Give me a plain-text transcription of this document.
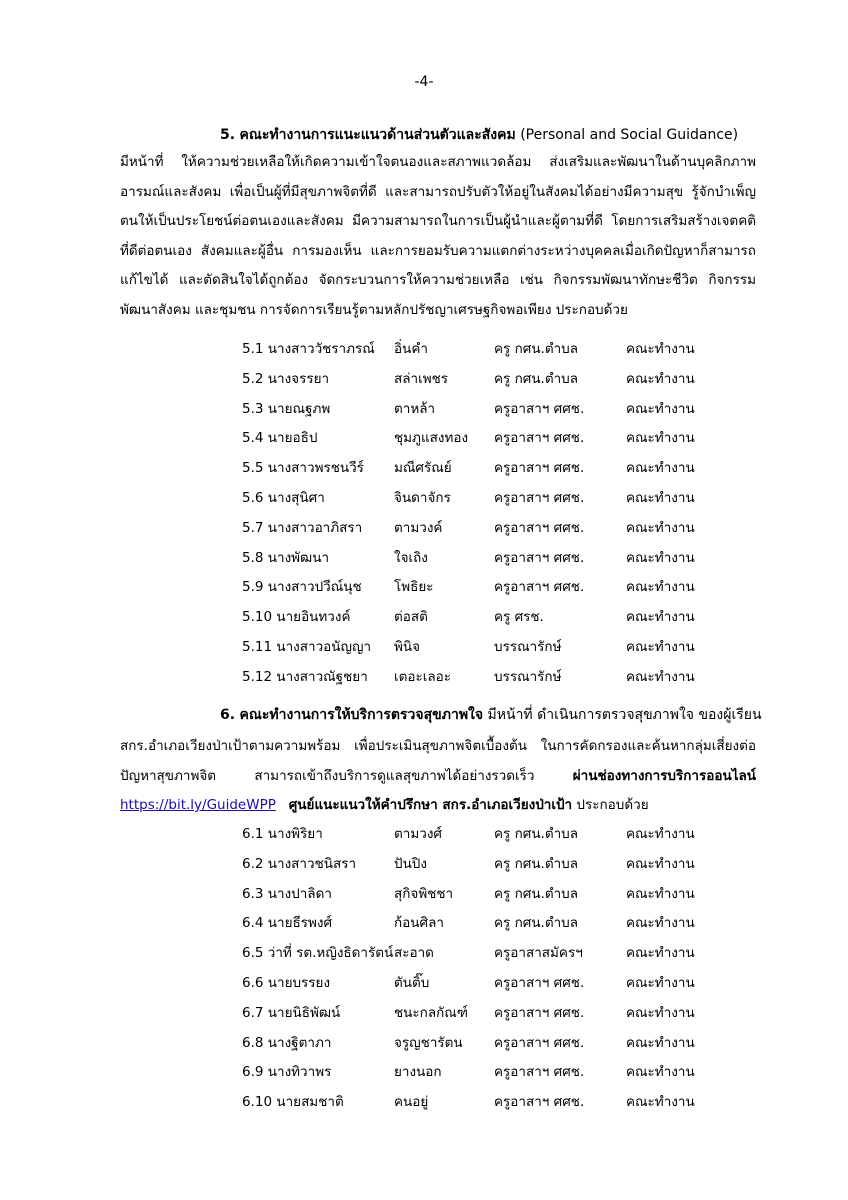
-4-
5. คณะทำงานการแนะแนวด้านส่วนตัวและสังคม (Personal and Social Guidance)
มีหน้าที่ ให้ความช่วยเหลือให้เกิดความเข้าใจตนองและสภาพแวดล้อม ส่งเสริมและพัฒนาในด้านบุคลิกภาพ
อารมณ์และสังคม เพื่อเป็นผู้ที่มีสุขภาพจิตที่ดี และสามารถปรับตัวให้อยู่ในสังคมได้อย่างมีความสุข รู้จักบำเพ็ญ
ตนให้เป็นประโยชน์ต่อตนเองและสังคม มีความสามารถในการเป็นผู้นำและผู้ตามที่ดี โดยการเสริมสร้างเจตคติ
ที่ดีต่อตนเอง สังคมและผู้อื่น การมองเห็น และการยอมรับความแตกต่างระหว่างบุคคลเมื่อเกิดปัญหาก็สามารถ
แก้ไขได้ และตัดสินใจได้ถูกต้อง จัดกระบวนการให้ความช่วยเหลือ เช่น กิจกรรมพัฒนาทักษะชีวิต กิจกรรม
พัฒนาสังคม และชุมชน การจัดการเรียนรู้ตามหลักปรัชญาเศรษฐกิจพอเพียง ประกอบด้วย
5.1 นางสาววัชราภรณ์ อิ่นคำ	ครู กศน.ตำบล	คณะทำงาน
5.2 นางจรรยา	สล่าเพชร	ครู กศน.ตำบล	คณะทำงาน
5.3 นายณฐภพ	ตาหล้า	ครูอาสาฯ ศศช.	คณะทำงาน
5.4 นายอธิป	ชุมภูแสงทอง ครูอาสาฯ ศศช.	คณะทำงาน
5.5 นางสาวพรชนวีร์ มณีศรัณย์	ครูอาสาฯ ศศช.	คณะทำงาน
5.6 นางสุนิศา	จินดาจักร	ครูอาสาฯ ศศช.	คณะทำงาน
5.7 นางสาวอาภิสรา ตามวงค์	ครูอาสาฯ ศศช.	คณะทำงาน
5.8 นางพัฒนา	ใจเถิง	ครูอาสาฯ ศศช.	คณะทำงาน
5.9 นางสาวปวีณ์นุช โพธิยะ	ครูอาสาฯ ศศช.	คณะทำงาน
5.10 นายอินทวงค์	ต่อสติ	ครู ศรช.	คณะทำงาน
5.11 นางสาวอนัญญา พินิจ	บรรณารักษ์	คณะทำงาน
5.12 นางสาวณัฐชยา เตอะเลอะ	บรรณารักษ์	คณะทำงาน
6. คณะทำงานการให้บริการตรวจสุขภาพใจ มีหน้าที่ ดำเนินการตรวจสุขภาพใจ ของผู้เรียน
สกร.อำเภอเวียงป่าเป้าตามความพร้อม เพื่อประเมินสุขภาพจิตเบื้องต้น ในการคัดกรองและค้นหากลุ่มเสี่ยงต่อ
ปัญหาสุขภาพจิต สามารถเข้าถึงบริการดูแลสุขภาพได้อย่างรวดเร็ว	ผ่านช่องทางการบริการออนไลน์
https://bit.ly/GuideWPP ศูนย์แนะแนวให้คำปรึกษา สกร.อำเภอเวียงป่าเป้า ประกอบด้วย
6.1 นางพิริยา	ตามวงศ์	ครู กศน.ตำบล	คณะทำงาน
6.2 นางสาวชนิสรา	ปันปิง	ครู กศน.ตำบล	คณะทำงาน
6.3 นางปาลิดา	สุกิจพิชชา	ครู กศน.ตำบล	คณะทำงาน
6.4 นายธีรพงศ์	ก้อนศิลา	ครู กศน.ตำบล	คณะทำงาน
6.5 ว่าที่ รต.หญิงธิดารัตน์ สะอาด	ครูอาสาสมัครฯ	คณะทำงาน
6.6 นายบรรยง	ตันติ๊บ	ครูอาสาฯ ศศช.	คณะทำงาน
6.7 นายนิธิพัฒน์	ชนะกลกัณฑ์ ครูอาสาฯ ศศช.	คณะทำงาน
6.8 นางฐิตาภา	จรูญชารัตน ครูอาสาฯ ศศช.	คณะทำงาน
6.9 นางทิวาพร	ยางนอก	ครูอาสาฯ ศศช.	คณะทำงาน
6.10 นายสมชาติ	คนอยู่	ครูอาสาฯ ศศช.	คณะทำงาน
